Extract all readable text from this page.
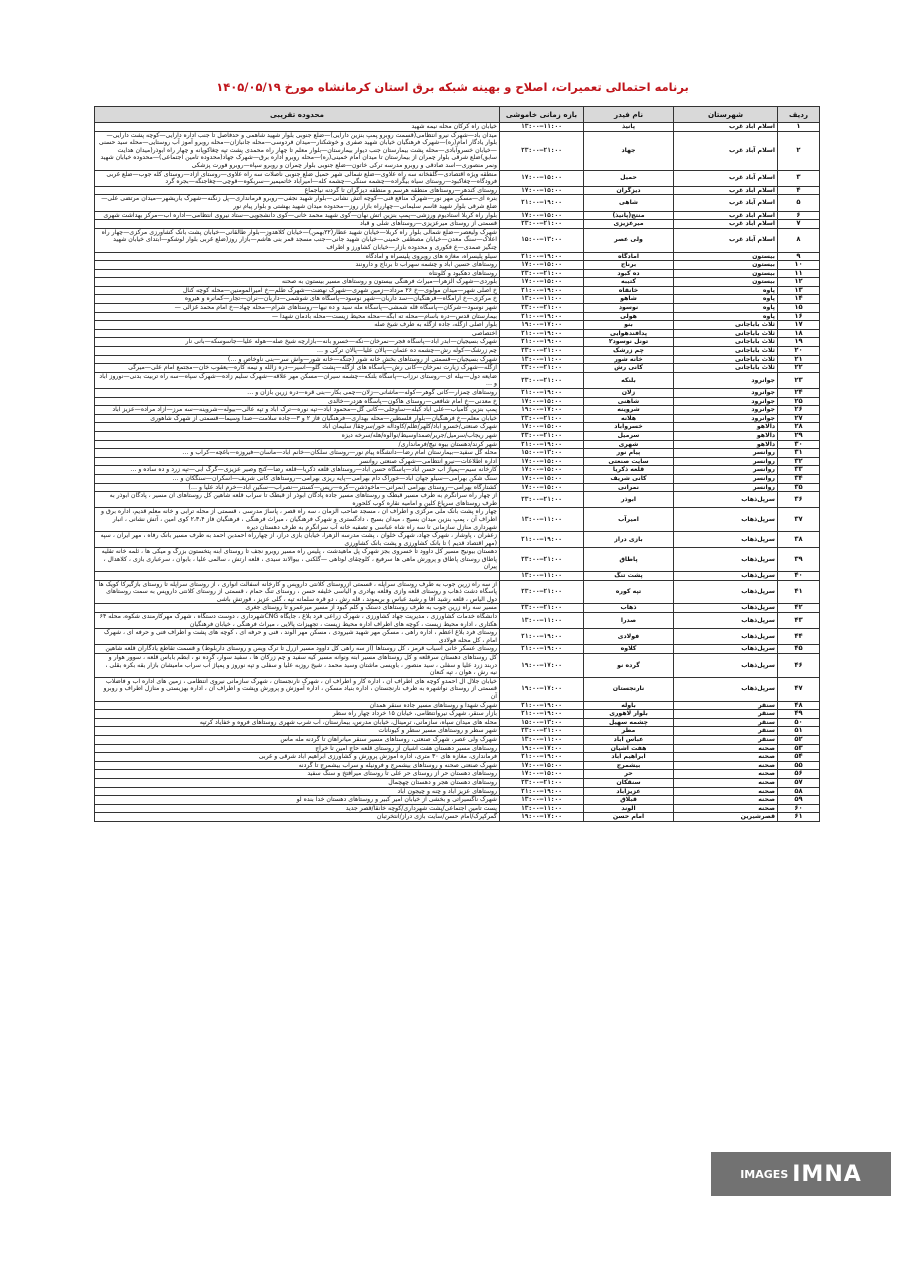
برنامه احتمالی تعمیرات، اصلاح و بهینه شبکه برق استان کرمانشاه مورخ ۱۴۰۵/۰۵/۱۹
ردیف	شهرستان	نام فیدر	بازه زمانی خاموشی	محدوده تقریبی
۱	اسلام آباد غرب	پانیذ	۱۱:۰۰—۱۳:۰۰	خیابان راه کرکان محله نیمه شهید
۲	اسلام آباد غرب	جهاد	۲۱:۰۰—۲۳:۰۰	میدان باد—شهرک نیرو انتظامی(قسمت روبرو پمپ بنزین دارایی)—ضلع جنوبی بلوار شهید شاهمی و حدفاصل تا جنب اداره دارایی—کوچه پشت دارایی—بلوار یادگار امام(ره)—شهرک فرهنگیان خیابان شهید صفری و خوشکنار—میدان فردوسی—محله جانبازان—محله روبرو آموز آب روستایی—محله سید حسنی—خیابان خسروآبادی—محله پشت بیمارستان جنب دیوار بیمارستان—بلوار معلم تا چهار راه محمدی پشت تپه چغاکوپانه و چهار راه ابوذر(میدان هدایت سابق)ضلع شرقی بلوار چمران از بیمارستان تا میدان امام خمینی(ره)—محله روبرو اداره برق—شهرک جهاد(محدوده تامین اجتماعی)—محدوده خیابان شهید ونمر منصوری—اسد صادقی و روبرو مدرسه ترکی خاتون—ضلع جنوبی بلوار چمران و روبرو سپاه—روبرو فورت پزشکی
۳	اسلام آباد غرب	حمیل	۱۵:۰۰—۱۷:۰۰	منطقه ویژه اقتصادی—گلفخانه سه راه علاوی—ضلع شمالی شهر حمیل ضلع جنوبی ناصلات سه راه علاوی—روستای آزاد—روستای کله جوب—ضلع غربی فرودگاه—چغاکبود—روستای سیاه بیگراده—چشمه سنگی—چشمه کله—امیرآباد خاتمیمیر—سربکوه—قوچی—چغاجنگه—بجره گرد
۴	اسلام آباد غرب	دیزگران	۱۵:۰۰—۱۷:۰۰	روستای کندهر—روستاهای منطقه هرسم و منطقه دیزگران تا گردنه نیاجماغ
۵	اسلام آباد غرب	شاهی	۱۹:۰۰—۲۱:۰۰	بنره ای—مسکن مهر نور—شهرک منافع فنی—کوچه آتش نشانی—بلوار شهید نجفی—روبرو فرمانداری—پل زنگنه—شهرک یاریشهر—میدان مرتضی علی—ضلع شرقی بلوار شهید قاسم سلیمانی—چهارراه بازار روز—محدوده میدان شهید بهشتی و بلوار پیام نور
۶	اسلام آباد غرب	منتج(پانیذ)	۱۵:۰۰—۱۷:۰۰	بلوار راه کربلا استادیوم ورزشی—پمپ بنزین آتش نهان—کوی شهید محمد خانی—کوی دانشجویی—ستاد نیروی انتظامی—اداره آب—مرکز بهداشت شهری
۷	اسلام آباد غرب	میرعزیزی	۲۱:۰۰—۲۳:۰۰	قسمتی از روستای میرعزیزی—روستاهای شلی و قباد
۸	اسلام آباد غرب	ولی عصر	۱۳:۰۰—۱۵:۰۰	شهرک ولیعصر—ضلع شمالی بلوار راه کربلا—خیابان شهید عطار(۲۲بهمن)—خیابان کلاهدوز—بلوار طالقانی—خیابان پشت بانک کشاورزی مرکزی—چهار راه اعلاک—سنگ معدن—خیابان مصطفی خمینی—خیابان شهید جانی—جنب مسجد قمر بنی هاشم—بازار روز(ضلع غربی بلوار لوشکو—ابتدای خیابان شهید چنگیز صمدی—ع فکوری و محدوده بازار—خیابان کشاورز و اطراف
۹	بیستون	آمادگاه	۱۹:۰۰—۲۱:۰۰	سیلو پلیسراه، مغازه های روبروی پلیسراه و امادگاه
۱۰	بیستون	برناج	۱۵:۰۰—۱۷:۰۰	روستاهای حسین اباد و چشمه سهراب تا برناج و دارونند
۱۱	بیستون	ده کبود	۲۱:۰۰—۲۳:۰۰	روستاهای دهکبود و کلونتاه
۱۲	بیستون	کتیبه	۱۵:۰۰—۱۷:۰۰	بلوردی—شهرک الزهرا—میراث فرهنگی بیستون و روستاهای مسیر بیستون به صحنه
۱۳	پاوه	خانقاه	۱۹:۰۰—۲۱:۰۰	خ اصلی شهر—میدان مولوی—خ ۲۶ مرداد—زمین شهری—شهرک نهضت—شهرک طلم—خ امیرالمومنین—محله کوچه کنال
۱۴	پاوه	شاهو	۱۱:۰۰—۱۳:۰۰	خ مرکزی—خ ارامگاه—فرهنگیان—سد داریان—شهر نوسود—پاسگاه های شوشمی—داریان—نران—تجار—کمانره و هیروه
۱۵	پاوه	نوسود	۲۱:۰۰—۲۳:۰۰	شهر نوسود—شرکان—پاسگاه قله شمشی—پاسگاه مله سید و ده نیها—روستاهای شرام—محله چهاد—خ امام محمد غزالی —
۱۶	پاوه	هولی	۱۹:۰۰—۲۱:۰۰	بیمارستان قدس—دره باسام—محله ته آبگه—محله محیط زیست—محله بادمان شهدا —
۱۷	ثلاث باباجانی	بنو	۱۷:۰۰—۱۹:۰۰	بلوار اصلی ازگله، جاده ازگله به طرف شیخ صله
۱۸	ثلاث باباجانی	پدافندهوایی	۱۹:۰۰—۲۱:۰۰	اختصاصی
۱۹	ثلاث باباجانی	تونل نوسود۲	۱۹:۰۰—۲۱:۰۰	شهرک بسیجیان—آبدر اباد—پاسگاه فجر—نمرخان—نکه—خسرو بانه—بازارچه شیخ صله—هوله علیا—جاسوسکه—بانی نار
۲۰	ثلاث باباجانی	چم زرشک	۲۱:۰۰—۲۳:۰۰	چم زرشک—کوله رش—چشمه ده عثمان—پالان علیا—پالان ترکی و …
۲۱	ثلاث باباجانی	خانه شور	۱۱:۰۰—۱۳:۰۰	شهرک بسیجیان—قسمتی از روستاهای بخش خانه شور (جنگه—خانه شور—واش سر—بنی ناوخاص و …)
۲۲	ثلاث باباجانی	کانی رش	۲۱:۰۰—۲۳:۰۰	ازگله—شهرک زیارت نمرخان—کانی رش—پاسگاه های ازگله—پشت گلو—اسیر—دره زالله و نیمه کاره—یعقوب خان—مجتمع امام علی—میرگی
۲۳	جوانرود	بلنکه	۲۱:۰۰—۲۳:۰۰	ضایعه دول—بیله ای—روستای نرزاب—پاسگاه بلنکه—چشمه سیران—مسکن مهر علاقه—شهرک سلیم زاده—شهرک سپاه—سه راه تربیت بدنی—نوروز اباد و …
۲۴	جوانرود	زلان	۱۹:۰۰—۲۱:۰۰	روستاهای چمزار—کانی گوهر—کوله—ماشانی—زلان—چمی بکار—بنی قره—دره زرین بازان و …
۲۵	جوانرود	شاهنی	۱۵:۰۰—۱۷:۰۰	خ معدنی—خ امام شافعی—روستای هاکون—پاسگاه هزدر—خالدی
۲۶	جوانرود	شروینه	۱۷:۰۰—۱۹:۰۰	پمپ بنزین کامیاب—علی اباد کیله—ساوجلی—کانی گل—محمود اباد—تپه نوره—ترک اباد و تپه عالی—بیوله—شروینه—سه مرز—آزاد مراده—عزیز اباد
۲۷	جوانرود	هلانه	۲۱:۰۰—۲۳:۰۰	خیابان معلم—خ فرهنگیان—بلوار فلسطین—محله بهداری—فرهنگیان فاز ۲ و ۳—جاده سلامت—صدا وسیما—قسمتی از شهرک شاهوری
۲۸	دالاهو	خسروآباد	۱۵:۰۰—۱۷:۰۰	شهرک صنعتی/خسرو آباد/کلهر/ظلم/کاوداله خور/سرچقا/ سلیمان آباد
۲۹	دالاهو	سرمیل	۲۱:۰۰—۲۳:۰۰	شهر ریجاب/سرمیل/جریر/صمداوسیط/نوالوه/هله/سرخه دیزه
۳۰	دالاهو	شهری	۱۹:۰۰—۲۱:۰۰	شهر کرند/دهستان بیوه نیچ/فرمانداری/
۳۱	روانسر	پیام نور	۱۳:۰۰—۱۵:۰۰	محله گل سفید—بیمارستان امام رضا—دانشگاه پیام نور—روستای سلکان—خانم اباد—ماسان—فیروزه—باغچه—کراب و …
۳۲	روانسر	سایت صنعتی	۱۵:۰۰—۱۷:۰۰	اداره اطلاعات—نیرو انتظامی—شهرک صنعتی روانسر
۳۳	روانسر	قلعه ذکریا	۱۵:۰۰—۱۷:۰۰	کارخانه سیم—پمپاژ اب حسن اباد—پاسگاه حسن اباد—روستاهای قلعه ذکریا—قلعه رضا—کنج وصیر عزیزی—گرگ آبی—تپه زرد و ده ساده و …
۳۴	روانسر	کانی شریف	۱۵:۰۰—۱۷:۰۰	سنگ شکن بهرامی—سیلو جهان اباد—خوراک دام بهرامی—پایه ریزی بهرامی—روستاهای کانی شریف—آسکران—سنگکان و …
۳۵	روانسر	نمرانی	۱۵:۰۰—۱۷:۰۰	کشتارگاه بهرامی—روستای بهرامی (نمرانی—ماخوذشن—کره—ریس—کسنتر—نصراب—سکین اباد—خرم اباد علیا و …)
۳۶	سرپل‌ذهاب	ابوذر	۲۱:۰۰—۲۳:۰۰	از چهار راه سرانگرم به طرف مسیر قبطک و روستاهای مسیر جاده پادگان ابوذر از قبطک تا سراب قلعه شاهین کل روستاهای ان مسیر ، پادگان ابوذر به طرف روستاهای سرپاغ کلین و امامیه نقاره کوب کلحوره
۳۷	سرپل‌ذهاب	امیرآب	۱۱:۰۰—۱۳:۰۰	چهار راه پشت بانک ملی مرکزی و اطراف آن ، مسجد صاحب الزمان ، سه راه قصر ، پاساژ مدرسی ، قسمتی از محله ترابی و خانه معلم قدیم، اداره برق و اطراف آن ، پمپ بنزین میدان بسیج ، میدان بسیج ، دادگستری و شهرک فرهنگیان ، میراث فرهنگی ، فرهنگیان فاز ۲،۳،۴ کوی امین ، آتش نشانی ، انبار شهرداری منازل سازمانی تا سه راه شاه عباسی و تصفیه خانه آب سرانگرم به طرف دهستان دیره
۳۸	سرپل‌ذهاب	بازی دراز	۱۹:۰۰—۲۱:۰۰	زعفران ، پاوشار ، شهرک جهاد، شهرک خلوان ، پشت مدرسه الزهرا، خیابان بازی دراز، از چهارراه احمدبن احمد به طرف مسیر بانک رفاه ، مهر ایران ، سپه (مهر اقتصاد قدیم ) تا بانک کشاورزی و پشت بانک کشاورزی
۳۹	سرپل‌ذهاب	پاطاق	۲۱:۰۰—۲۳:۰۰	دهستان بیونیج مسیر کل داوود تا خسروی بجز شهرک پل ماهیدشت ، پلیس راه مسیر روبرو نجف تا روستای آبنه پتخستون بزرگ و میکی ها ، ثلمه خانه تقلیه پاطاق روستای پاطاق و پرورش ماهی ها سرفیع ، کلوچقای لوتاهی —گلکنی ، بیوالاند سیدی ، قلعه ارتش ، سالمی علیا ، بابوان ، سرعباری بازی ، کلاهدال ، پیران
۴۰	سرپل‌ذهاب	پشت تنگ	۱۱:۰۰—۱۳:۰۰	
۴۱	سرپل‌ذهاب	تپه کوره	۲۱:۰۰—۲۳:۰۰	از سه راه زرین جوب به طرف روستای سراپله ، قسمتی ازروستای کلانتی داروپس و کارخانه آسفالت انواری ، از روستای سراپله تا روستای بازگیرکا کویک ها پاسگاه دشت ذهاب و روستای قلعه وازی وقلعه بهادری و الیاسی خلیفه حسن ، روستای تنگ حمام ، قسمتی از روستای کلانتی داروپس به سمت روستاهای دول الیاس ، قلعه رشید آقا و رشید عباس و بریموند ، قله رش ، دو قره سلمانه تپه ، گلی عزیز ، قورتش باشی
۴۲	سرپل‌ذهاب	ذهاب	۲۱:۰۰—۲۳:۰۰	مسیر سه راه زرین جوب به طرف روستاهای دستک و کلم کبود از مسیر میرعمرو تا روستای جغری
۴۳	سرپل‌ذهاب	صدرا	۱۱:۰۰—۱۳:۰۰	دانشگاه خدمات کشاورزی ، مدیریت جهاد کشاورزی ، شهرک زراعی فرد بلاغ ، جایگاه CNGشهرداری ، دوست دستگاه ، شهرک مهرکارمندی شکوه، محله ۶۴ هکتاری ، اداره محیط زیست ، کوچه های اطراف اداره محیط زیست ، تجهیزات پالایی ، میراث فرهنگی ، خیابان فرهنگیان
۴۴	سرپل‌ذهاب	فولادی	۱۹:۰۰—۲۱:۰۰	روستای فرد بلاغ اعظم ، اداره راهی ، مسکن مهر شهید شیرودی ، مسکن مهر الوند ، فنی و حرفه ای ، کوچه های پشت و اطراف فنی و حرفه ای ، شهرک امام ، کل محله فولادی
۴۵	سرپل‌ذهاب	کلاوه	۱۹:۰۰—۲۱:۰۰	روستای عسکر خانی آسیاب قرمز ، کل روستاها (از سه راهی کل داوود مسیر ازرل تا ترک ویس و روستای داربلوط) و قسمت تقاطع یادگاران قلعه شاهین
۴۶	سرپل‌ذهاب	گرده نو	۱۷:۰۰—۱۹:۰۰	کل روستاهای دهستان سرقلعه و کل روستاهای مسیر آبنه ونوانه مسیر کیه سفید و چم زرکان ها ، سفید سوار، گرده نو ، آبطم باباس قلعه ، سوور هوار و دربند زرد علیا و سفلی ، سید منصور ، باویسی ماشتان وسید محمد ، شیخ روزبه علیا و سفلی و تپه نوروز و پمپاژ آب سراب مامیشان بازار بقه بکره بقلی ، نیه رش ، هوان ، تپه کنعان
۴۷	سرپل‌ذهاب	نارنجستان	۱۷:۰۰—۱۹:۰۰	خیابان جلال آل احمدو کوچه های اطراف آن ، اداره کار و اطراف آن ، شهرک نارنجستان ، شهرک سازمانی نیروی انتظامی ، زمین های اداره آب و فاضلاب قسمتی از روستای نواشهره به طرف نارنجستان ، اداره بنیاد مسکن ، اداره آموزش و پرورش وپشت و اطراف آن ، اداره بهزیستی و منازل اطراف و روبرو آن
۴۸	سنقر	باوله	۱۹:۰۰—۲۱:۰۰	شهرک شهدا و روستاهای مسیر جاده سنقر همدان
۴۹	سنقر	بلوار لاهوری	۱۹:۰۰—۲۱:۰۰	بازار سنقر، شهرک نیروانتظامی، خیابان ۱۵ خرداد چهار راه سطر
۵۰	سنقر	چشمه سهیل	۱۳:۰۰—۱۵:۰۰	محله های میدان سپاه، سازمانی، ترمینال، خیابان مدرس، بیمارستان، اب شرب شهری روستاهای فروه و خفایاد کرتپه
۵۱	سنقر	مطر	۲۱:۰۰—۲۳:۰۰	شهر سطر و روستاهای مسیر سطر و کیونانات
۵۲	سنقر	عباس آباد	۱۱:۰۰—۱۳:۰۰	شهرک ولی عصر، شهرک صنعتی، روستاهای مسیر سنقر میانراهان تا گردنه مله ماس
۵۳	صحنه	هفت آشیان	۱۷:۰۰—۱۹:۰۰	روستاهای مسیر دهستان هفت اشیان از روستای قلعه حاج امین تا خراج
۵۴	صحنه	ابراهیم آباد	۱۹:۰۰—۲۱:۰۰	فرمانداری، مغازه های ۳۰ متری، اداره اموزش پرورش و کشاورزی ابراهیم اباد شرقی و غربی
۵۵	صحنه	بیشمرج	۱۵:۰۰—۱۷:۰۰	شهرک صنعتی صحنه و روستاهای بیشمرج و فرونیله و سراب بیشمرج تا گردنه
۵۶	صحنه	حر	۱۵:۰۰—۱۷:۰۰	روستاهای دهستان حر از روستای حر علی تا روستای میرافتخ و سنگ سفید
۵۷	صحنه	سنقکان	۲۱:۰۰—۲۳:۰۰	روستاهای دهستان هجر و دهستان چهچمال
۵۸	صحنه	عزیزآباد	۱۹:۰۰—۲۱:۰۰	روستاهای عزیز اباد و چنه و چیجون اباد
۵۹	صحنه	قبلاق	۱۱:۰۰—۱۳:۰۰	شهرک ناگسیراتی و بخشی از خیابان امیر کبیر و روستاهای دهستان خدا بنده لو
۶۰	صحنه	الوند	۱۱:۰۰—۱۳:۰۰	پست تامین اجتماعی/پشت شهرداری/کوچه خانقا/قصر جدید
۶۱	قصرشیرین	امام حسن	۱۷:۰۰—۱۹:۰۰	گمرکپرک/امام حسن/سایت بازی دراز/انتخرتبان
IMNA
IMAGES
